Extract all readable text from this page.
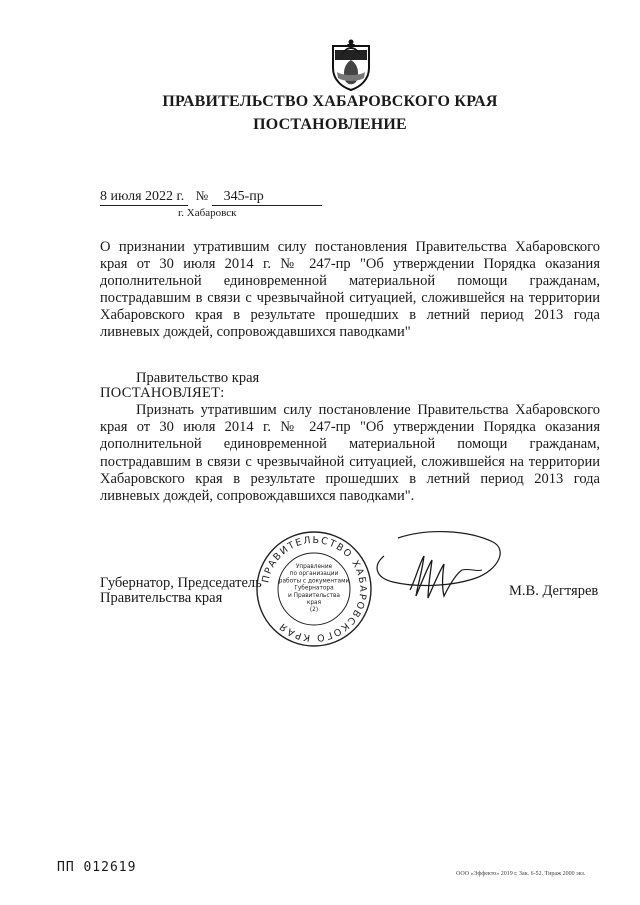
ПРАВИТЕЛЬСТВО ХАБАРОВСКОГО КРАЯ
ПОСТАНОВЛЕНИЕ
8 июля 2022 г. № 345-пр
г. Хабаровск
О признании утратившим силу постановления Правительства Хабаровского края от 30 июля 2014 г. № 247-пр "Об утверждении Порядка оказания дополнительной единовременной материальной помощи гражданам, пострадавшим в связи с чрезвычайной ситуацией, сложившейся на территории Хабаровского края в результате прошедших в летний период 2013 года ливневых дождей, сопровождавшихся паводками"
Правительство края
ПОСТАНОВЛЯЕТ:
Признать утратившим силу постановление Правительства Хабаровского края от 30 июля 2014 г. № 247-пр "Об утверждении Порядка оказания дополнительной единовременной материальной помощи гражданам, пострадавшим в связи с чрезвычайной ситуацией, сложившейся на территории Хабаровского края в результате прошедших в летний период 2013 года ливневых дождей, сопровождавшихся паводками".
Губернатор, Председатель
Правительства края	М.В. Дегтярев
ПРАВИТЕЛЬСТВО ХАБАРОВСКОГО КРАЯ
Управление
по организации
работы с документами
Губернатора
и Правительства
края
(2)
ПП 012619	ООО «Эффекто» 2019 г. Зак. 6-52. Тираж 2000 экз.
